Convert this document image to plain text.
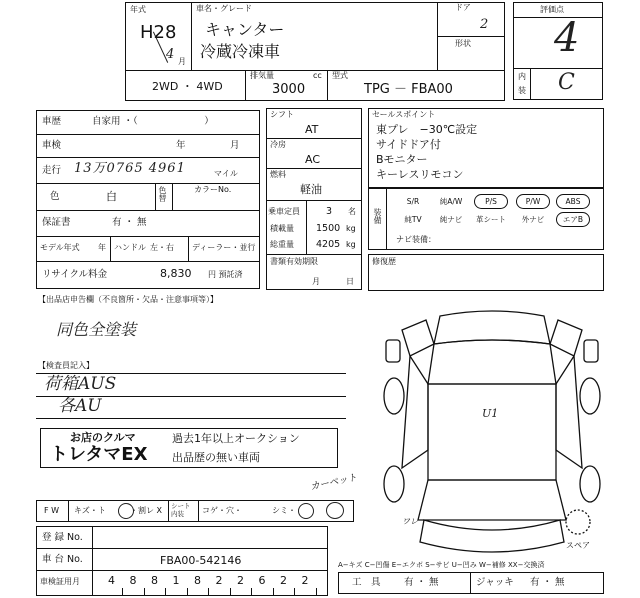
年式
H28
4 月
車名・グレード
キャンター
冷蔵冷凍車
ドア
2
形状
2WD ・ 4WD
排気量	cc
3000
型式
TPG － FBA00
評価点
4
内
装 C
車歴	自家用 ・（　　　　　　　）
車検	年	月
走行 13万0765 4961	マイル
色	白	色替	カラーNo.
保証書	有 ・ 無
モデル年式 年 ハンドル 左・右 ディーラー・並行
リサイクル料金	8,830 円 預託済
【出品店申告欄（不良箇所・欠品・注意事項等）】
同色全塗装
シフト
AT
冷房
AC
燃料
軽油
乗車定員	3 名
積載量 1500 kg
総重量 4205 kg
書類有効期限
月	日
セールスポイント
東プレ　−30℃設定
サイドドア付
Bモニター
キーレスリモコン
装備
S/R	純A/W	P/S	P/W	ABS
純TV	純ナビ	革シート	外ナビ	エアB
ナビ装備：
修復歴
【検査員記入】
荷箱AUS
各AU
お店のクルマ
トレタマEX
過去1年以上オークション
出品歴の無い車両
F W キズ・ト	・割レ X シート内装	コゲ・穴・	シミ・
カーペット
登 録 No.
車 台 No.	FBA00-542146
車検証用月	4 8 8 1 8 2 2 6 2 2
A−キズ C−凹傷 E−エクボ S−サビ U−凹み W−補修 XX−交換済
工　具 有 ・ 無	ジャッキ 有 ・ 無
U1
ワレ
スペア
